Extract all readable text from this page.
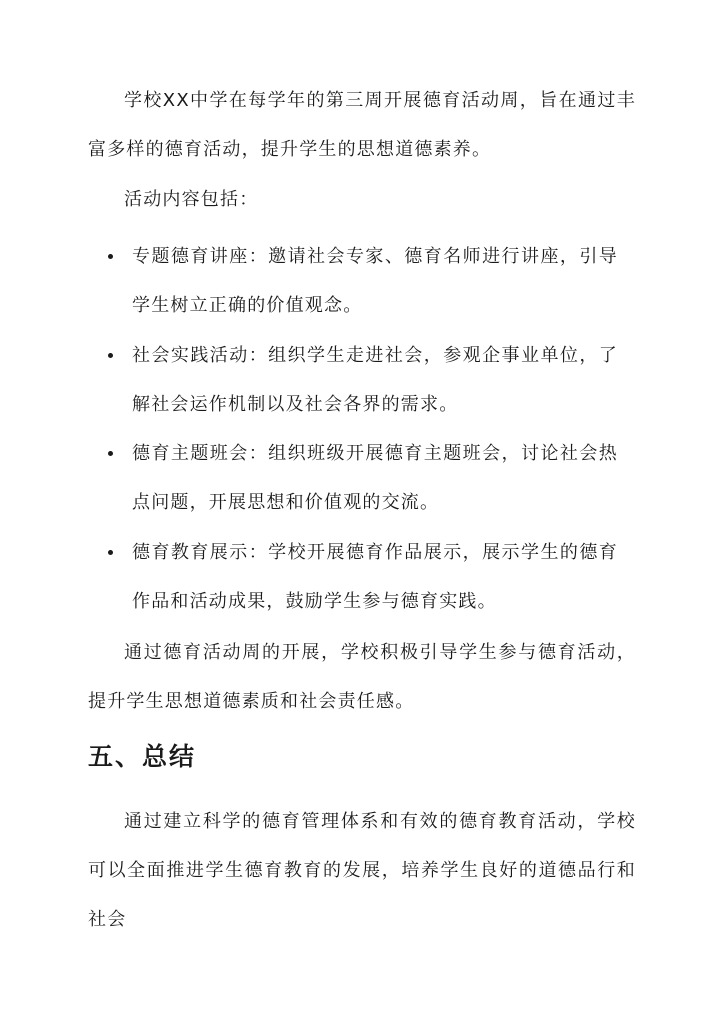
学校XX中学在每学年的第三周开展德育活动周，旨在通过丰富多样的德育活动，提升学生的思想道德素养。

活动内容包括：

专题德育讲座：邀请社会专家、德育名师进行讲座，引导学生树立正确的价值观念。

社会实践活动：组织学生走进社会，参观企事业单位，了解社会运作机制以及社会各界的需求。

德育主题班会：组织班级开展德育主题班会，讨论社会热点问题，开展思想和价值观的交流。

德育教育展示：学校开展德育作品展示，展示学生的德育作品和活动成果，鼓励学生参与德育实践。

通过德育活动周的开展，学校积极引导学生参与德育活动，提升学生思想道德素质和社会责任感。

五、总结

通过建立科学的德育管理体系和有效的德育教育活动，学校可以全面推进学生德育教育的发展，培养学生良好的道德品行和社会
